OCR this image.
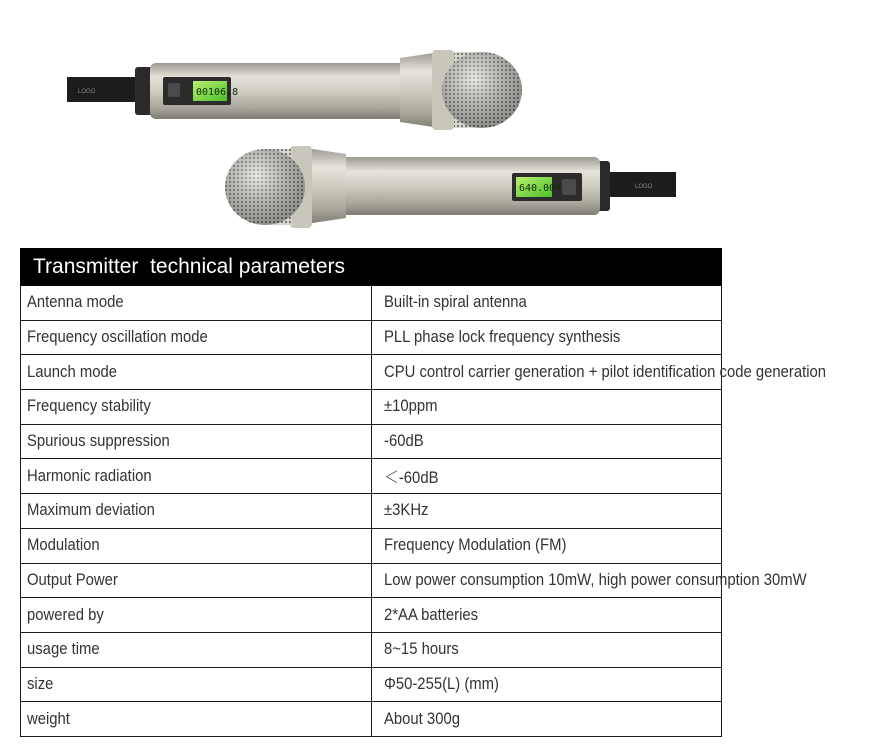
LOGO	00106.8
LOGO
640.000
Transmitter  technical parameters	
Antenna mode	Built-in spiral antenna
Frequency oscillation mode	PLL phase lock frequency synthesis
Launch mode	CPU control carrier generation + pilot identification code generation
Frequency stability	±10ppm
Spurious suppression	-60dB
Harmonic radiation	＜-60dB
Maximum deviation	±3KHz
Modulation	Frequency Modulation (FM)
Output Power	Low power consumption 10mW, high power consumption 30mW
powered by	2*AA batteries
usage time	8~15 hours
size	Φ50-255(L) (mm)
weight	About 300g
